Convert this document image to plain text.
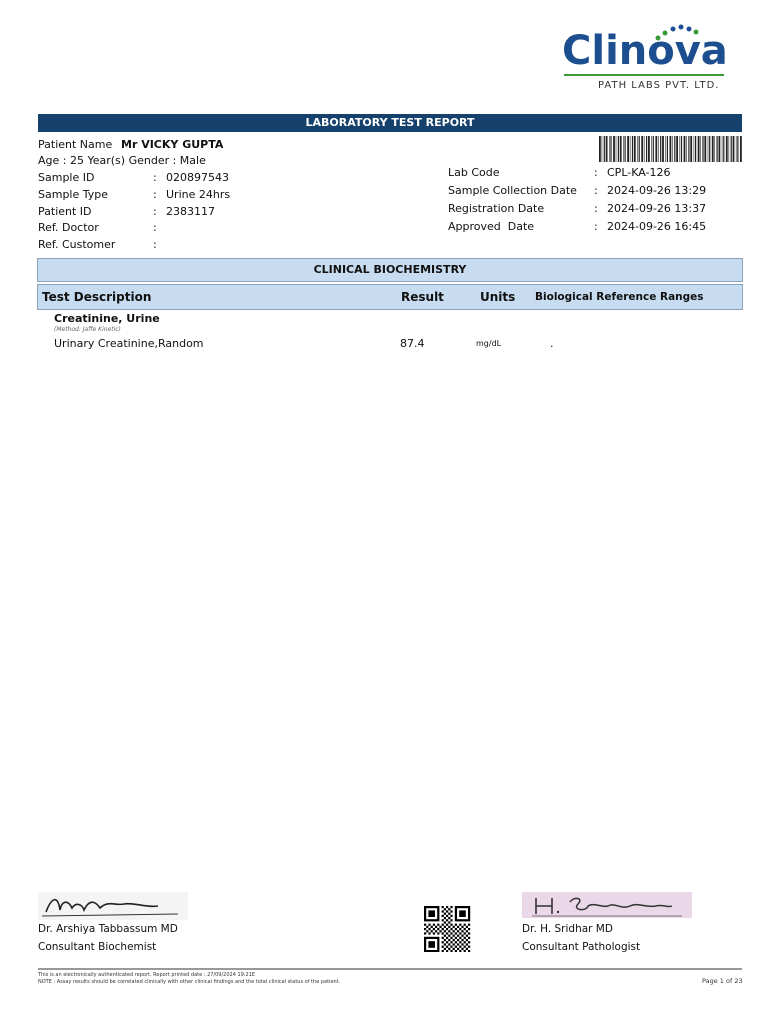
Clinova
PATH LABS PVT. LTD.
LABORATORY TEST REPORT
Patient Name Mr VICKY GUPTA
Age : 25 Year(s) Gender : Male
Sample ID	: 020897543
Sample Type	: Urine 24hrs
Patient ID	: 2383117
Ref. Doctor	:
Ref. Customer	:
Lab Code	: CPL-KA-126
Sample Collection Date : 2024-09-26 13:29
Registration Date	: 2024-09-26 13:37
Approved  Date	: 2024-09-26 16:45
CLINICAL BIOCHEMISTRY
Test Description	Result	Units Biological Reference Ranges
Creatinine, Urine
(Method: Jaffe Kinetic)
Urinary Creatinine,Random	87.4	mg/dL	.
Dr. Arshiya Tabbassum MD
Consultant Biochemist
Dr. H. Sridhar MD
Consultant Pathologist
This is an electronically authenticated report. Report printed date : 27/09/2024 19:21E
NOTE : Assay results should be correlated clinically with other clinical findings and the total clinical status of the patient.	Page 1 of 23
